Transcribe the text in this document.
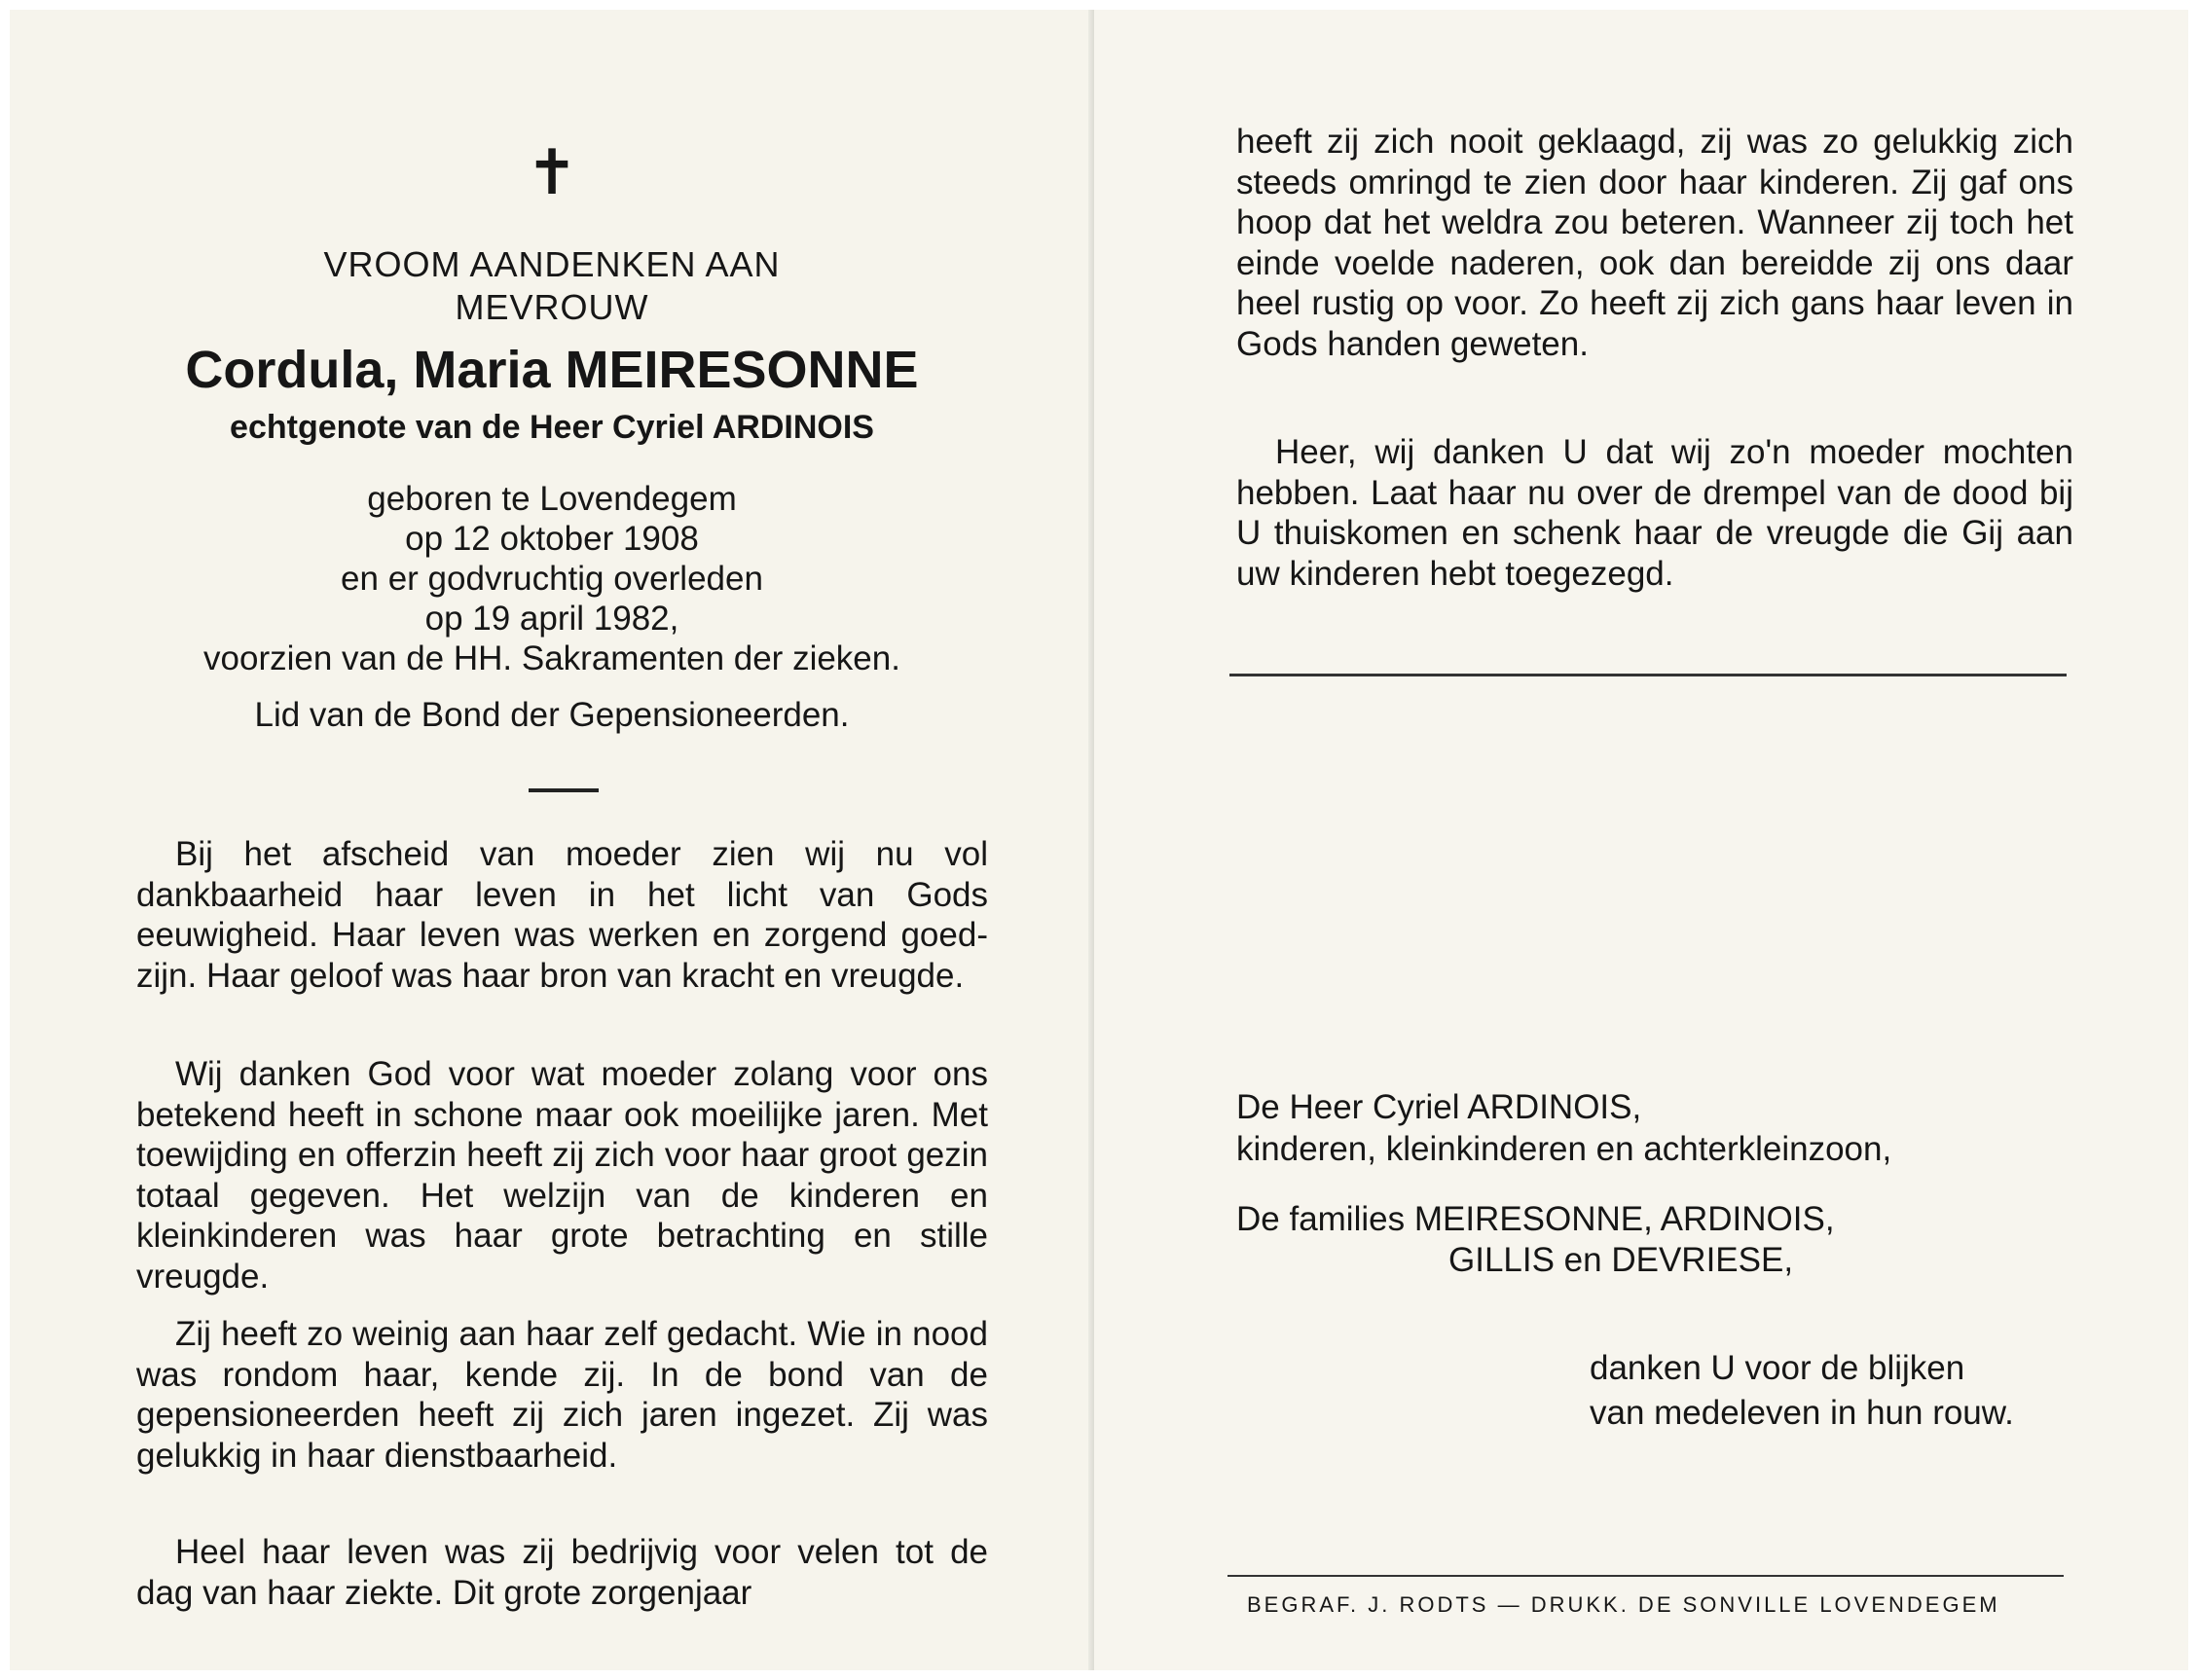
✝
VROOM AANDENKEN AAN
MEVROUW
Cordula, Maria MEIRESONNE
echtgenote van de Heer Cyriel ARDINOIS
geboren te Lovendegem
op 12 oktober 1908
en er godvruchtig overleden
op 19 april 1982,
voorzien van de HH. Sakramenten der zieken.
Lid van de Bond der Gepensioneerden.

Bij het afscheid van moeder zien wij nu vol dankbaarheid haar leven in het licht van Gods eeuwigheid. Haar leven was werken en zorgend goed-zijn. Haar geloof was haar bron van kracht en vreugde.

Wij danken God voor wat moeder zolang voor ons betekend heeft in schone maar ook moeilijke jaren. Met toewijding en offerzin heeft zij zich voor haar groot gezin totaal gegeven. Het welzijn van de kinderen en kleinkinderen was haar grote betrachting en stille vreugde.

Zij heeft zo weinig aan haar zelf gedacht. Wie in nood was rondom haar, kende zij. In de bond van de gepensioneerden heeft zij zich jaren ingezet. Zij was gelukkig in haar dienstbaarheid.

Heel haar leven was zij bedrijvig voor velen tot de dag van haar ziekte. Dit grote zorgenjaar

heeft zij zich nooit geklaagd, zij was zo gelukkig zich steeds omringd te zien door haar kinderen. Zij gaf ons hoop dat het weldra zou beteren. Wanneer zij toch het einde voelde naderen, ook dan bereidde zij ons daar heel rustig op voor. Zo heeft zij zich gans haar leven in Gods handen geweten.

Heer, wij danken U dat wij zo'n moeder mochten hebben. Laat haar nu over de drempel van de dood bij U thuiskomen en schenk haar de vreugde die Gij aan uw kinderen hebt toegezegd.

De Heer Cyriel ARDINOIS,
kinderen, kleinkinderen en achterkleinzoon,
De families MEIRESONNE, ARDINOIS,
GILLIS en DEVRIESE,
danken U voor de blijken
van medeleven in hun rouw.
BEGRAF. J. RODTS — DRUKK. DE SONVILLE LOVENDEGEM
